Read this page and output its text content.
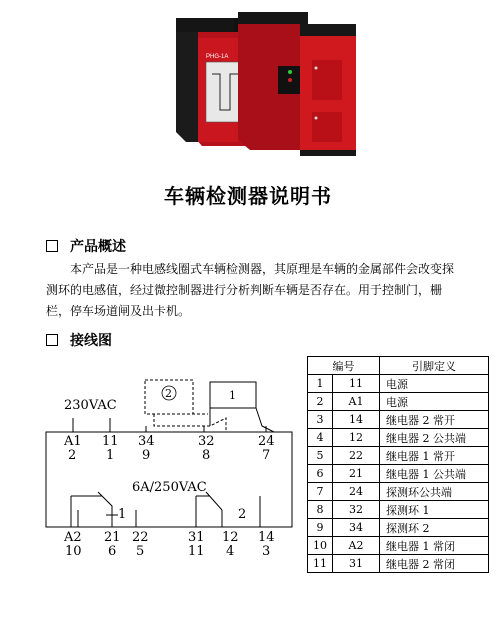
PHG-1A
车辆检测器说明书
产品概述
本产品是一种电感线圈式车辆检测器，其原理是车辆的金属部件会改变探测环的电感值，经过微控制器进行分析判断车辆是否存在。用于控制门，栅栏，停车场道闸及出卡机。
接线图
230VAC
2	1
A1
2
11
1
34
9
32
8
24
7
6A/250VAC
1	2
A2
10
21
6
22
5
31
11
12
4
14
3
编号		引脚定义
1	11	电源
2	A1	电源
3	14	继电器 2 常开
4	12	继电器 2 公共端
5	22	继电器 1 常开
6	21	继电器 1 公共端
7	24	探测环公共端
8	32	探测环 1
9	34	探测环 2
10	A2	继电器 1 常闭
11	31	继电器 2 常闭
